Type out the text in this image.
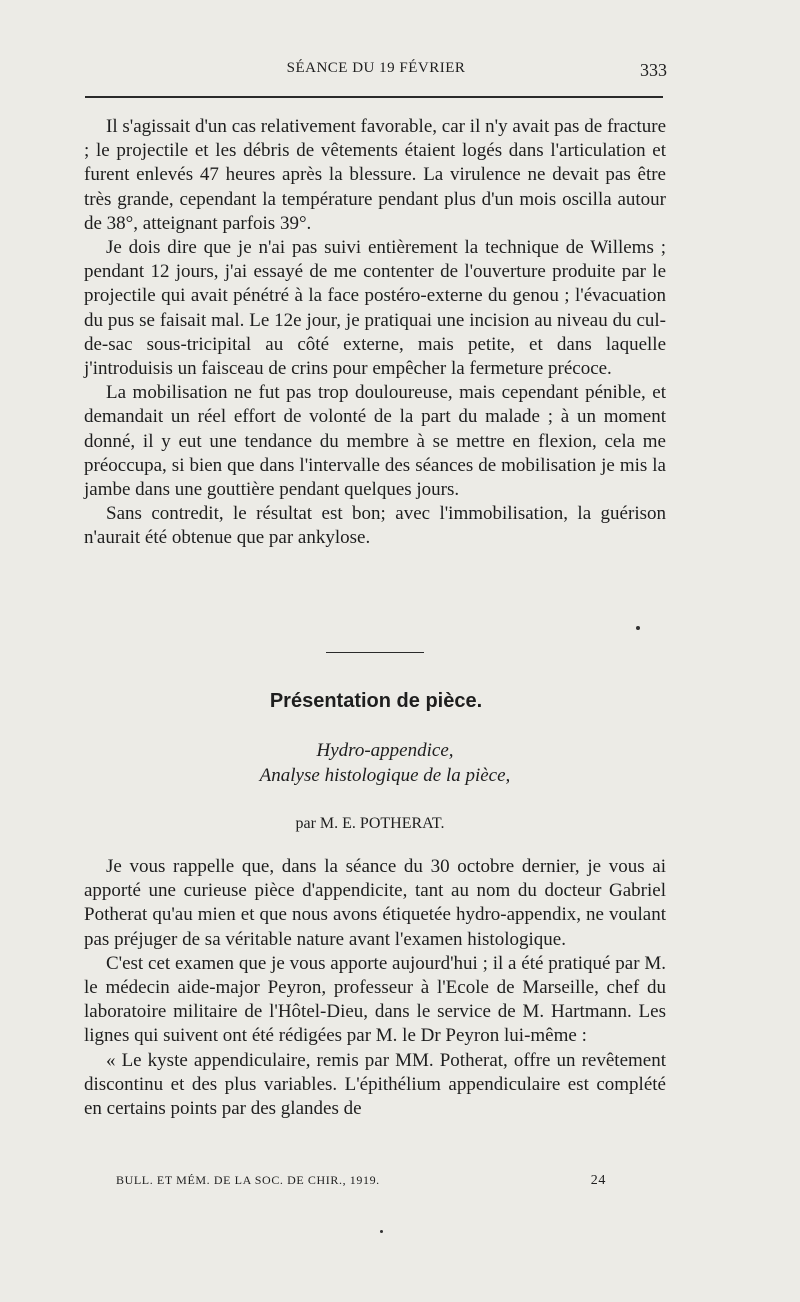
SÉANCE DU 19 FÉVRIER	333

Il s'agissait d'un cas relativement favorable, car il n'y avait pas de fracture ; le projectile et les débris de vêtements étaient logés dans l'articulation et furent enlevés 47 heures après la blessure. La virulence ne devait pas être très grande, cependant la température pendant plus d'un mois oscilla autour de 38°, atteignant parfois 39°.

Je dois dire que je n'ai pas suivi entièrement la technique de Willems ; pendant 12 jours, j'ai essayé de me contenter de l'ouverture produite par le projectile qui avait pénétré à la face postéro-externe du genou ; l'évacuation du pus se faisait mal. Le 12e jour, je pratiquai une incision au niveau du cul-de-sac sous-tricipital au côté externe, mais petite, et dans laquelle j'introduisis un faisceau de crins pour empêcher la fermeture précoce.

La mobilisation ne fut pas trop douloureuse, mais cependant pénible, et demandait un réel effort de volonté de la part du malade ; à un moment donné, il y eut une tendance du membre à se mettre en flexion, cela me préoccupa, si bien que dans l'intervalle des séances de mobilisation je mis la jambe dans une gouttière pendant quelques jours.

Sans contredit, le résultat est bon; avec l'immobilisation, la guérison n'aurait été obtenue que par ankylose.

Présentation de pièce.
Hydro-appendice,
Analyse histologique de la pièce,
par M. E. POTHERAT.

Je vous rappelle que, dans la séance du 30 octobre dernier, je vous ai apporté une curieuse pièce d'appendicite, tant au nom du docteur Gabriel Potherat qu'au mien et que nous avons étiquetée hydro-appendix, ne voulant pas préjuger de sa véritable nature avant l'examen histologique.

C'est cet examen que je vous apporte aujourd'hui ; il a été pratiqué par M. le médecin aide-major Peyron, professeur à l'Ecole de Marseille, chef du laboratoire militaire de l'Hôtel-Dieu, dans le service de M. Hartmann. Les lignes qui suivent ont été rédigées par M. le Dr Peyron lui-même :

« Le kyste appendiculaire, remis par MM. Potherat, offre un revêtement discontinu et des plus variables. L'épithélium appendiculaire est complété en certains points par des glandes de

BULL. ET MÉM. DE LA SOC. DE CHIR., 1919.	24
